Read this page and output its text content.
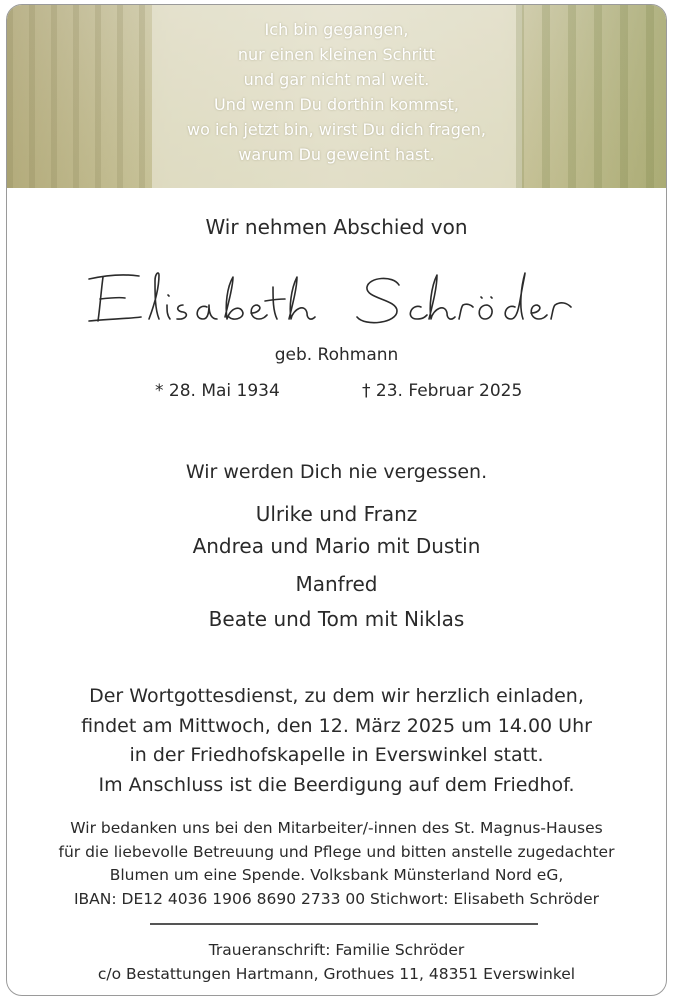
Ich bin gegangen,
nur einen kleinen Schritt
und gar nicht mal weit.
Und wenn Du dorthin kommst,
wo ich jetzt bin, wirst Du dich fragen,
warum Du geweint hast.
Wir nehmen Abschied von
geb. Rohmann
* 28. Mai 1934	† 23. Februar 2025
Wir werden Dich nie vergessen.
Ulrike und Franz
Andrea und Mario mit Dustin
Manfred
Beate und Tom mit Niklas
Der Wortgottesdienst, zu dem wir herzlich einladen,
findet am Mittwoch, den 12. März 2025 um 14.00 Uhr
in der Friedhofskapelle in Everswinkel statt.
Im Anschluss ist die Beerdigung auf dem Friedhof.
Wir bedanken uns bei den Mitarbeiter/-innen des St. Magnus-Hauses
für die liebevolle Betreuung und Pflege und bitten anstelle zugedachter
Blumen um eine Spende. Volksbank Münsterland Nord eG,
IBAN: DE12 4036 1906 8690 2733 00 Stichwort: Elisabeth Schröder
Traueranschrift: Familie Schröder
c/o Bestattungen Hartmann, Grothues 11, 48351 Everswinkel
